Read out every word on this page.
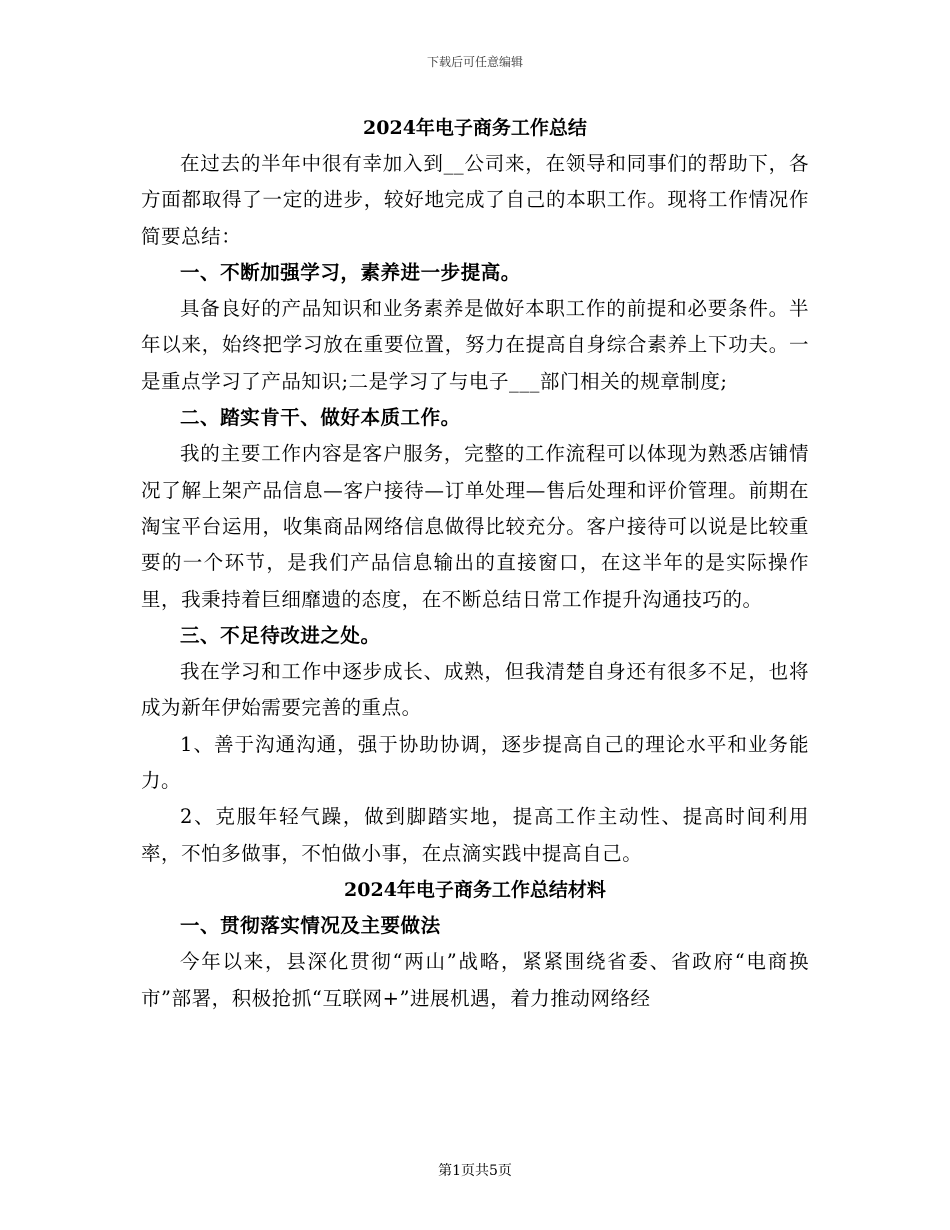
下载后可任意编辑
2024年电子商务工作总结

在过去的半年中很有幸加入到__公司来，在领导和同事们的帮助下，各方面都取得了一定的进步，较好地完成了自己的本职工作。现将工作情况作简要总结：

一、不断加强学习，素养进一步提高。

具备良好的产品知识和业务素养是做好本职工作的前提和必要条件。半年以来，始终把学习放在重要位置，努力在提高自身综合素养上下功夫。一是重点学习了产品知识;二是学习了与电子___部门相关的规章制度;

二、踏实肯干、做好本质工作。

我的主要工作内容是客户服务，完整的工作流程可以体现为熟悉店铺情况了解上架产品信息—客户接待—订单处理—售后处理和评价管理。前期在淘宝平台运用，收集商品网络信息做得比较充分。客户接待可以说是比较重要的一个环节，是我们产品信息输出的直接窗口，在这半年的是实际操作里，我秉持着巨细靡遗的态度，在不断总结日常工作提升沟通技巧的。

三、不足待改进之处。

我在学习和工作中逐步成长、成熟，但我清楚自身还有很多不足，也将成为新年伊始需要完善的重点。

1、善于沟通沟通，强于协助协调，逐步提高自己的理论水平和业务能力。

2、克服年轻气躁，做到脚踏实地，提高工作主动性、提高时间利用率，不怕多做事，不怕做小事，在点滴实践中提高自己。

2024年电子商务工作总结材料

一、贯彻落实情况及主要做法

今年以来，县深化贯彻“两山”战略，紧紧围绕省委、省政府“电商换市”部署，积极抢抓“互联网+”进展机遇，着力推动网络经

第1页共5页
